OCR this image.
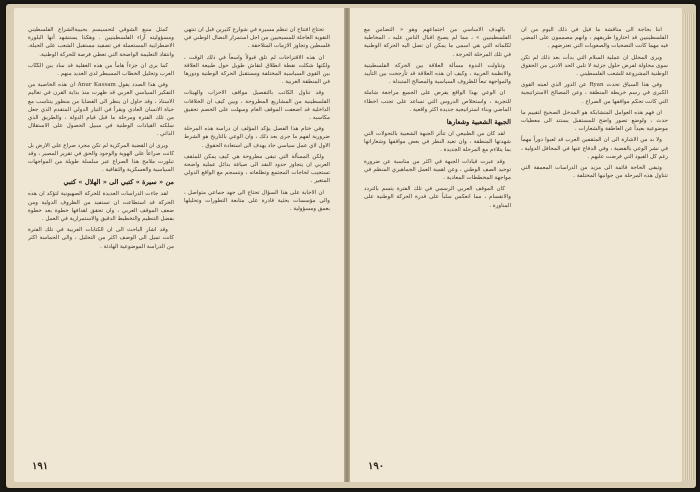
كمثل منبع الشوقي لتحسيسم بحبيبةالشراع الفلسطيني ومسؤوليته آراء الفلسطينيين . وهكذا يستشهد أنها البلورة الاضطرابية المستعملة في تصفيد مستقبل الشعب على الحيلة، وانتقاد التعليمة الواضحة التي تعطي فرصة للحركة الوطنية.

كما يرى ان جزءاً هاماً من هذه العقلية قد ساد بين الكتّاب العرب وتحليل الخطاب المسيطر لدى العديد منهم .

وفي هذا الصدد يقول Anur Kassam ان هذه الخاصية من التفكير السياسي العربي قد ظهرت منذ بداية القرن في تعاليم الاستاذ ، وقد حاول ان ينظر الى القضايا من منظور يتناسب مع حياة الانسان العادي ويقرأ في التيار الدولي المتقدم الذي جعل من تلك الفترة ومرحلة ما قبل قيام الدولة ، والطريق الذي سلكته القيادات الوطنية في سبيل الحصول على الاستقلال الذاتي .

ويرى ان القضية المركزية لم تكن مجرد صراع على الارض بل كانت صراعاً على الهوية والوجود والحق في تقرير المصير ، وقد تبلورت ملامح هذا الصراع عبر سلسلة طويلة من المواجهات السياسية والعسكرية والثقافية .

من « سيرة » كتبي الى « الهلال » كتبي

لقد جاءت الدراسات العديدة للحركة الصهيونية لتؤكد ان هذه الحركة قد استطاعت ان تستفيد من الظروف الدولية ومن ضعف الموقف العربي ، وان تحقق اهدافها خطوة بعد خطوة بفضل التنظيم والتخطيط الدقيق والاستمرارية في العمل .

وقد اشار الباحث الى ان الكتابات العربية في تلك الفترة كانت تميل الى الوصف اكثر من التحليل ، والى الحماسة اكثر من الدراسة الموضوعية الهادئة .

تحتاج افتتاح ان تنظم مسيرة في شوارع كثيرين قبل ان تنتهي التقوية العاجلة للمسيحيين من اجل استمرار النضال الوطني في فلسطين وتجاوز الازمات المتلاحقة .

ان هذه الاقتراحات لم تلق قبولاً واسعاً في ذلك الوقت ، ولكنها شكلت نقطة انطلاق لنقاش طويل حول طبيعة العلاقة بين القوى السياسية المختلفة ومستقبل الحركة الوطنية ودورها في المنطقة العربية .

وقد تناول الكاتب بالتفصيل مواقف الاحزاب والهيئات الفلسطينية من المشاريع المطروحة ، وبين كيف ان الخلافات الداخلية قد اضعفت الموقف العام وسهلت على الخصم تحقيق مكاسبه .

وفي ختام هذا الفصل يؤكد المؤلف ان دراسة هذه المرحلة ضرورية لفهم ما جرى بعد ذلك ، وان الوعي بالتاريخ هو الشرط الاول لاي عمل سياسي جاد يهدف الى استعادة الحقوق .

ولكن المسألة التي تبقى مطروحة هي كيف يمكن للمثقف العربي ان يتجاوز حدود النقد الى صياغة بدائل عملية واضحة تستجيب لحاجات المجتمع وتطلعاته ، وتنسجم مع الواقع الدولي المتغير .

ان الاجابة على هذا السؤال تحتاج الى جهد جماعي متواصل ، والى مؤسسات بحثية قادرة على متابعة التطورات وتحليلها بعمق ومسؤولية .

١٩١

بالهدف الاساسي من اجتماعهم وهو « التضامن مع الفلسطينيين » ، مما لم يصبح اقبال الناس عليه ، المخاطبة لكلماته التي هي اسمى ما يمكن ان تصل اليه الحركة الوطنية في تلك المرحلة الحرجة .

وتناولت الندوة مسألة العلاقة بين الحركة الفلسطينية والانظمة العربية ، وكيف ان هذه العلاقة قد تأرجحت بين التأييد والمواجهة تبعاً للظروف السياسية والمصالح المتبدلة .

ان الوعي بهذا الواقع يفرض على الجميع مراجعة شاملة للتجربة ، واستخلاص الدروس التي تساعد على تجنب اخطاء الماضي وبناء استراتيجية جديدة اكثر واقعية .

الجبهة الشعبية وشعارها

لقد كان من الطبيعي ان تتأثر الجبهة الشعبية بالتحولات التي شهدتها المنطقة ، وان تعيد النظر في بعض مواقفها وشعاراتها بما يتلاءم مع المرحلة الجديدة .

وقد عبرت قيادات الجبهة في اكثر من مناسبة عن ضرورة توحيد الصف الوطني ، وعن اهمية العمل الجماهيري المنظم في مواجهة المخططات المعادية .

كان الموقف العربي الرسمي في تلك الفترة يتسم بالتردد والانقسام ، مما انعكس سلباً على قدرة الحركة الوطنية على المناورة .

اننا بحاجة الى مناقشة ما قيل في ذلك اليوم من ان الفلسطينيين قد اختاروا طريقهم ، وانهم مصممون على المضي فيه مهما كانت التضحيات والصعوبات التي تعترضهم .

ويرى المحلل ان عملية السلام التي بدأت بعد ذلك لم تكن سوى محاولة لفرض حلول جزئية لا تلبي الحد الادنى من الحقوق الوطنية المشروعة للشعب الفلسطيني .

وفي هذا السياق تحدث Ryan عن الدور الذي لعبته القوى الكبرى في رسم خريطة المنطقة ، وعن المصالح الاستراتيجية التي كانت تحكم مواقفها من الصراع .

ان فهم هذه العوامل المتشابكة هو المدخل الصحيح لتقييم ما حدث ، ولوضع تصور واضح للمستقبل يستند الى معطيات موضوعية بعيداً عن العاطفة والشعارات .

ولا بد من الاشارة الى ان المثقفين العرب قد لعبوا دوراً مهماً في نشر الوعي بالقضية ، وفي الدفاع عنها في المحافل الدولية ، رغم كل القيود التي فرضت عليهم .

وتبقى الحاجة قائمة الى مزيد من الدراسات المعمقة التي تتناول هذه المرحلة من جوانبها المختلفة .

١٩٠
